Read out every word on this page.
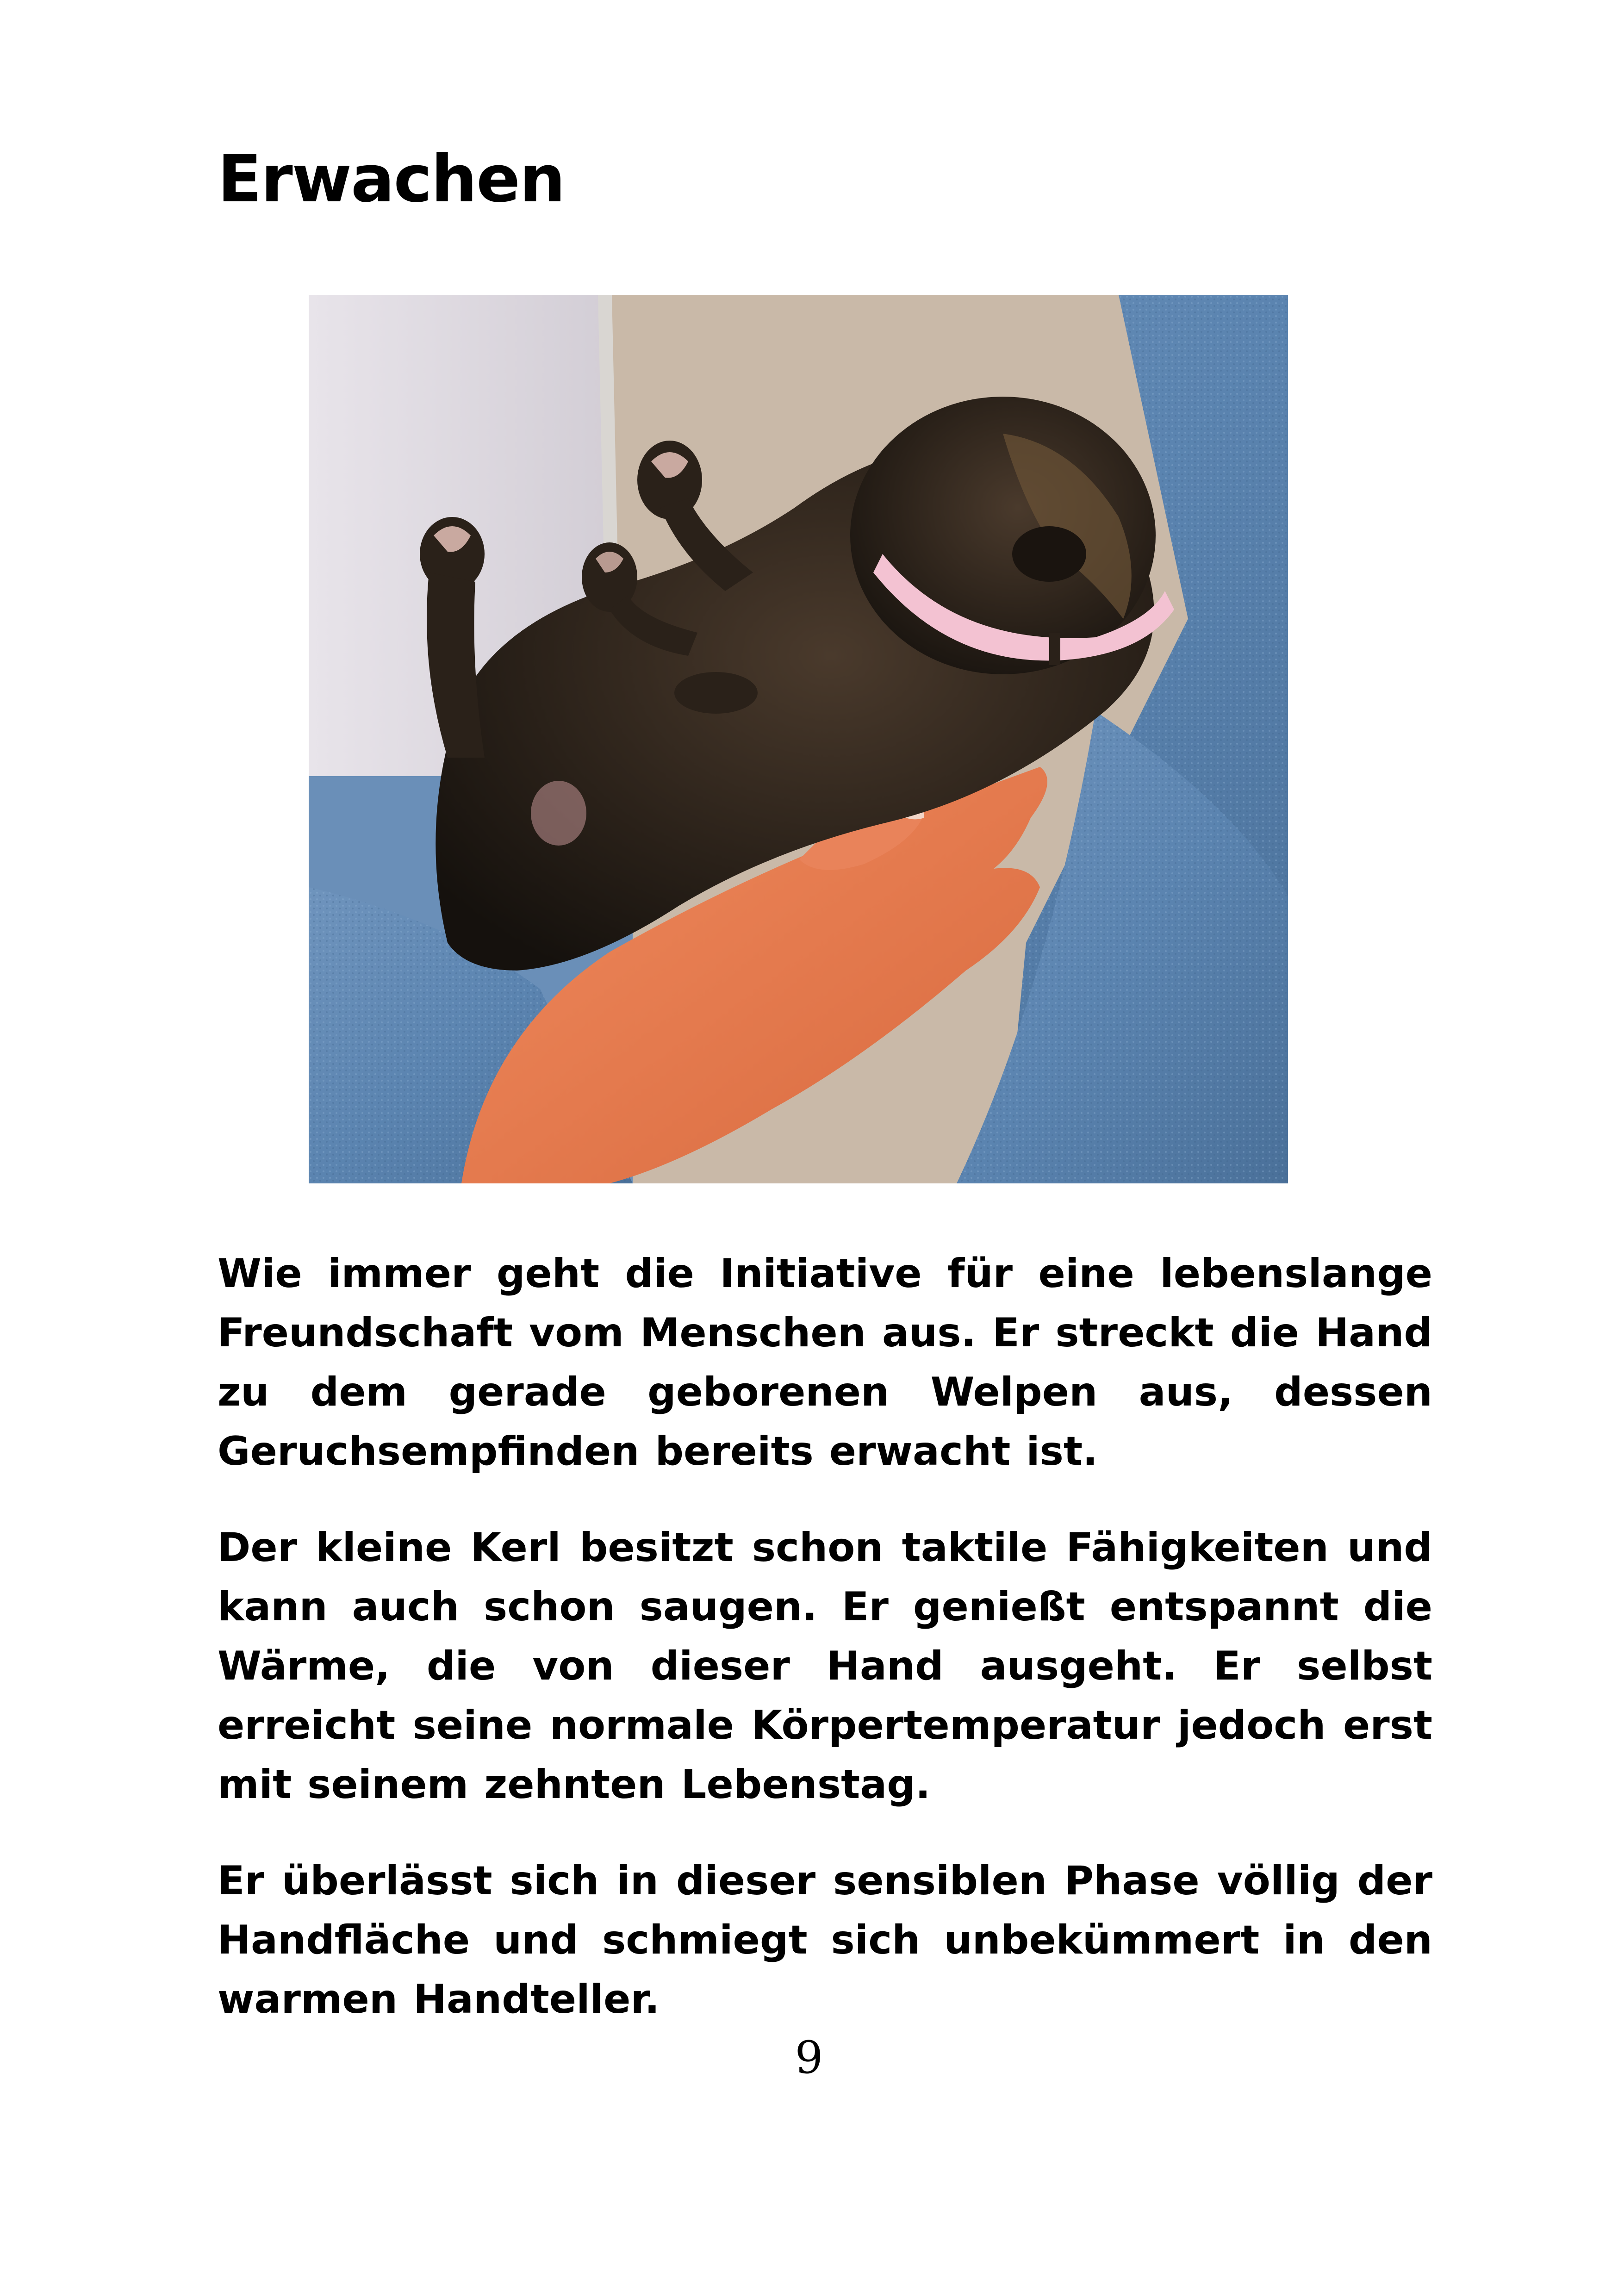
Erwachen

Wie immer geht die Initiative für eine lebenslange Freundschaft vom Menschen aus. Er streckt die Hand zu dem gerade geborenen Welpen aus, dessen Geruchsempfinden bereits erwacht ist.

Der kleine Kerl besitzt schon taktile Fähigkeiten und kann auch schon saugen. Er genießt entspannt die Wärme, die von dieser Hand ausgeht. Er selbst erreicht seine normale Körpertemperatur jedoch erst mit seinem zehnten Lebenstag.

Er überlässt sich in dieser sensiblen Phase völlig der Handfläche und schmiegt sich unbekümmert in den warmen Handteller.

9
